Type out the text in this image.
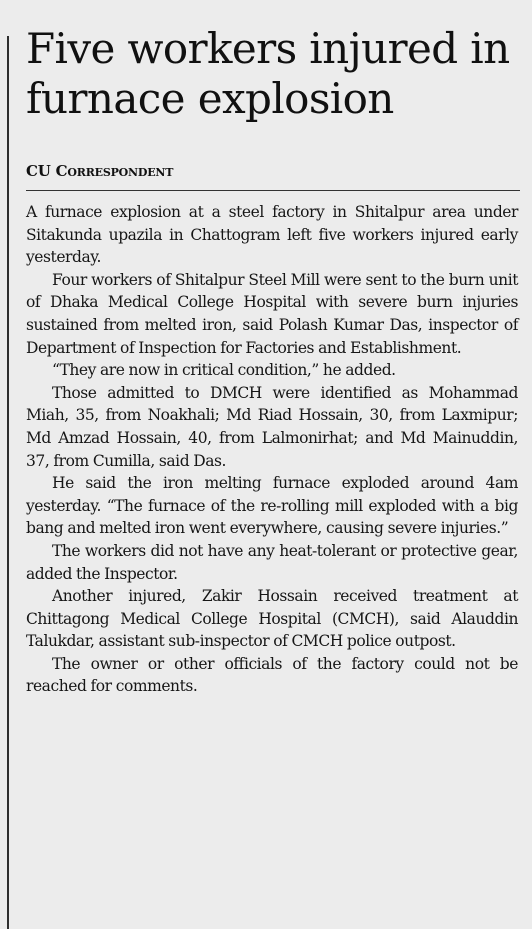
Five workers injured in furnace explosion
CU Correspondent

A furnace explosion at a steel factory in Shitalpur area under Sitakunda upazila in Chattogram left five workers injured early yesterday.

Four workers of Shitalpur Steel Mill were sent to the burn unit of Dhaka Medical College Hospital with severe burn injuries sustained from melted iron, said Polash Kumar Das, inspector of Department of Inspection for Factories and Establishment.

“They are now in critical condition,” he added.

Those admitted to DMCH were identified as Mohammad Miah, 35, from Noakhali; Md Riad Hossain, 30, from Laxmipur; Md Amzad Hossain, 40, from Lalmonirhat; and Md Mainuddin, 37, from Cumilla, said Das.

He said the iron melting furnace exploded around 4am yesterday. “The furnace of the re-rolling mill exploded with a big bang and melted iron went everywhere, causing severe injuries.”

The workers did not have any heat-tolerant or protective gear, added the Inspector.

Another injured, Zakir Hossain received treatment at Chittagong Medical College Hospital (CMCH), said Alauddin Talukdar, assistant sub-inspector of CMCH police outpost.

The owner or other officials of the factory could not be reached for comments.
